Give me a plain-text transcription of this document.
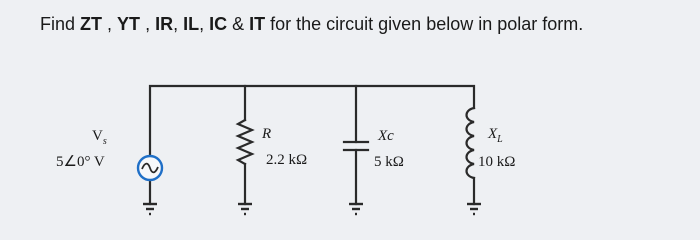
Find ZT , YT , IR, IL, IC & IT for the circuit given below in polar form.
$V_s$
5∠0° V
R
2.2 kΩ
Xc
5 kΩ
$X_L$
10 kΩ
